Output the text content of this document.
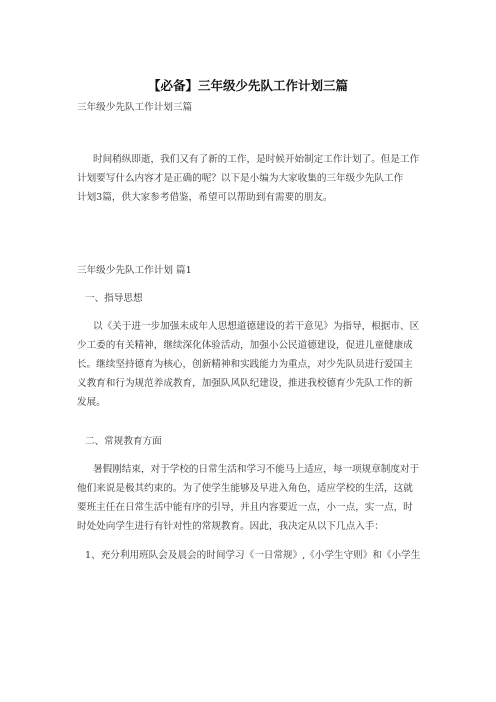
【必备】三年级少先队工作计划三篇
三年级少先队工作计划三篇
时间稍纵即逝，我们又有了新的工作，是时候开始制定工作计划了。但是工作
计划要写什么内容才是正确的呢？以下是小编为大家收集的三年级少先队工作
计划3篇，供大家参考借鉴，希望可以帮助到有需要的朋友。
三年级少先队工作计划 篇1
一、指导思想
以《关于进一步加强未成年人思想道德建设的若干意见》为指导，根据市、区
少工委的有关精神，继续深化体验活动，加强小公民道德建设，促进儿童健康成
长。继续坚持德育为核心，创新精神和实践能力为重点，对少先队员进行爱国主
义教育和行为规范养成教育，加强队风队纪建设，推进我校德育少先队工作的新
发展。
二、常规教育方面
暑假刚结束，对于学校的日常生活和学习不能马上适应，每一项规章制度对于
他们来说是极其约束的。为了使学生能够及早进入角色，适应学校的生活，这就
要班主任在日常生活中能有序的引导，并且内容要近一点，小一点，实一点，时
时处处向学生进行有针对性的常规教育。因此，我决定从以下几点入手：
1、充分利用班队会及晨会的时间学习《一日常规》,《小学生守则》和《小学生
